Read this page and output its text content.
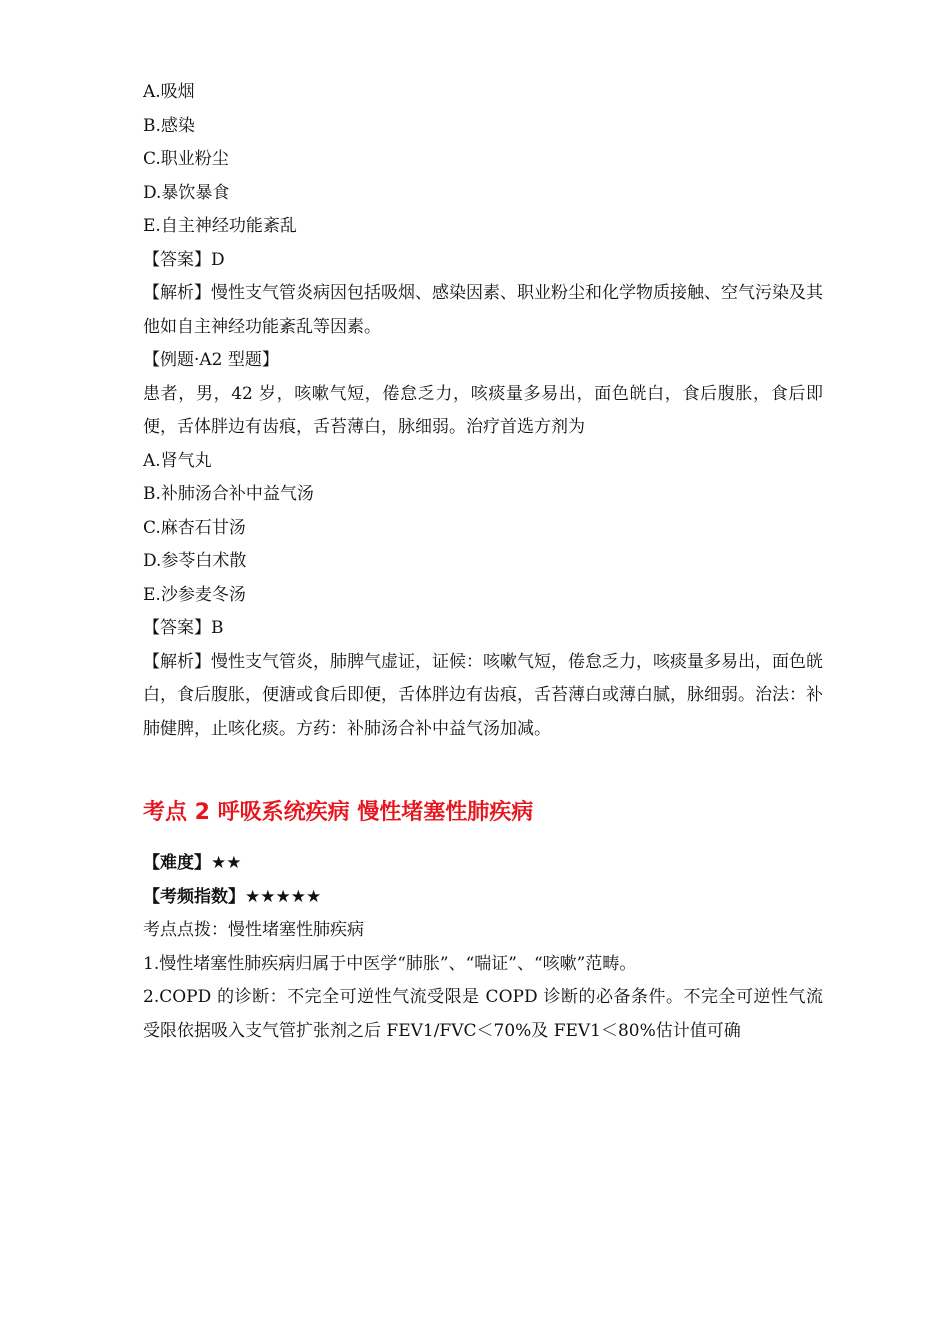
A.吸烟
B.感染
C.职业粉尘
D.暴饮暴食
E.自主神经功能紊乱
【答案】D
【解析】慢性支气管炎病因包括吸烟、感染因素、职业粉尘和化学物质接触、空气污染及其他如自主神经功能紊乱等因素。
【例题·A2 型题】
患者，男，42 岁，咳嗽气短，倦怠乏力，咳痰量多易出，面色㿠白，食后腹胀，食后即便，舌体胖边有齿痕，舌苔薄白，脉细弱。治疗首选方剂为
A.肾气丸
B.补肺汤合补中益气汤
C.麻杏石甘汤
D.参苓白术散
E.沙参麦冬汤
【答案】B
【解析】慢性支气管炎，肺脾气虚证，证候：咳嗽气短，倦怠乏力，咳痰量多易出，面色㿠白，食后腹胀，便溏或食后即便，舌体胖边有齿痕，舌苔薄白或薄白腻，脉细弱。治法：补肺健脾，止咳化痰。方药：补肺汤合补中益气汤加减。
考点 2 呼吸系统疾病 慢性堵塞性肺疾病
【难度】★★
【考频指数】★★★★★
考点点拨：慢性堵塞性肺疾病
1.慢性堵塞性肺疾病归属于中医学“肺胀”、“喘证”、“咳嗽”范畴。
2.COPD 的诊断：不完全可逆性气流受限是 COPD 诊断的必备条件。不完全可逆性气流受限依据吸入支气管扩张剂之后 FEV1/FVC＜70%及 FEV1＜80%估计值可确
